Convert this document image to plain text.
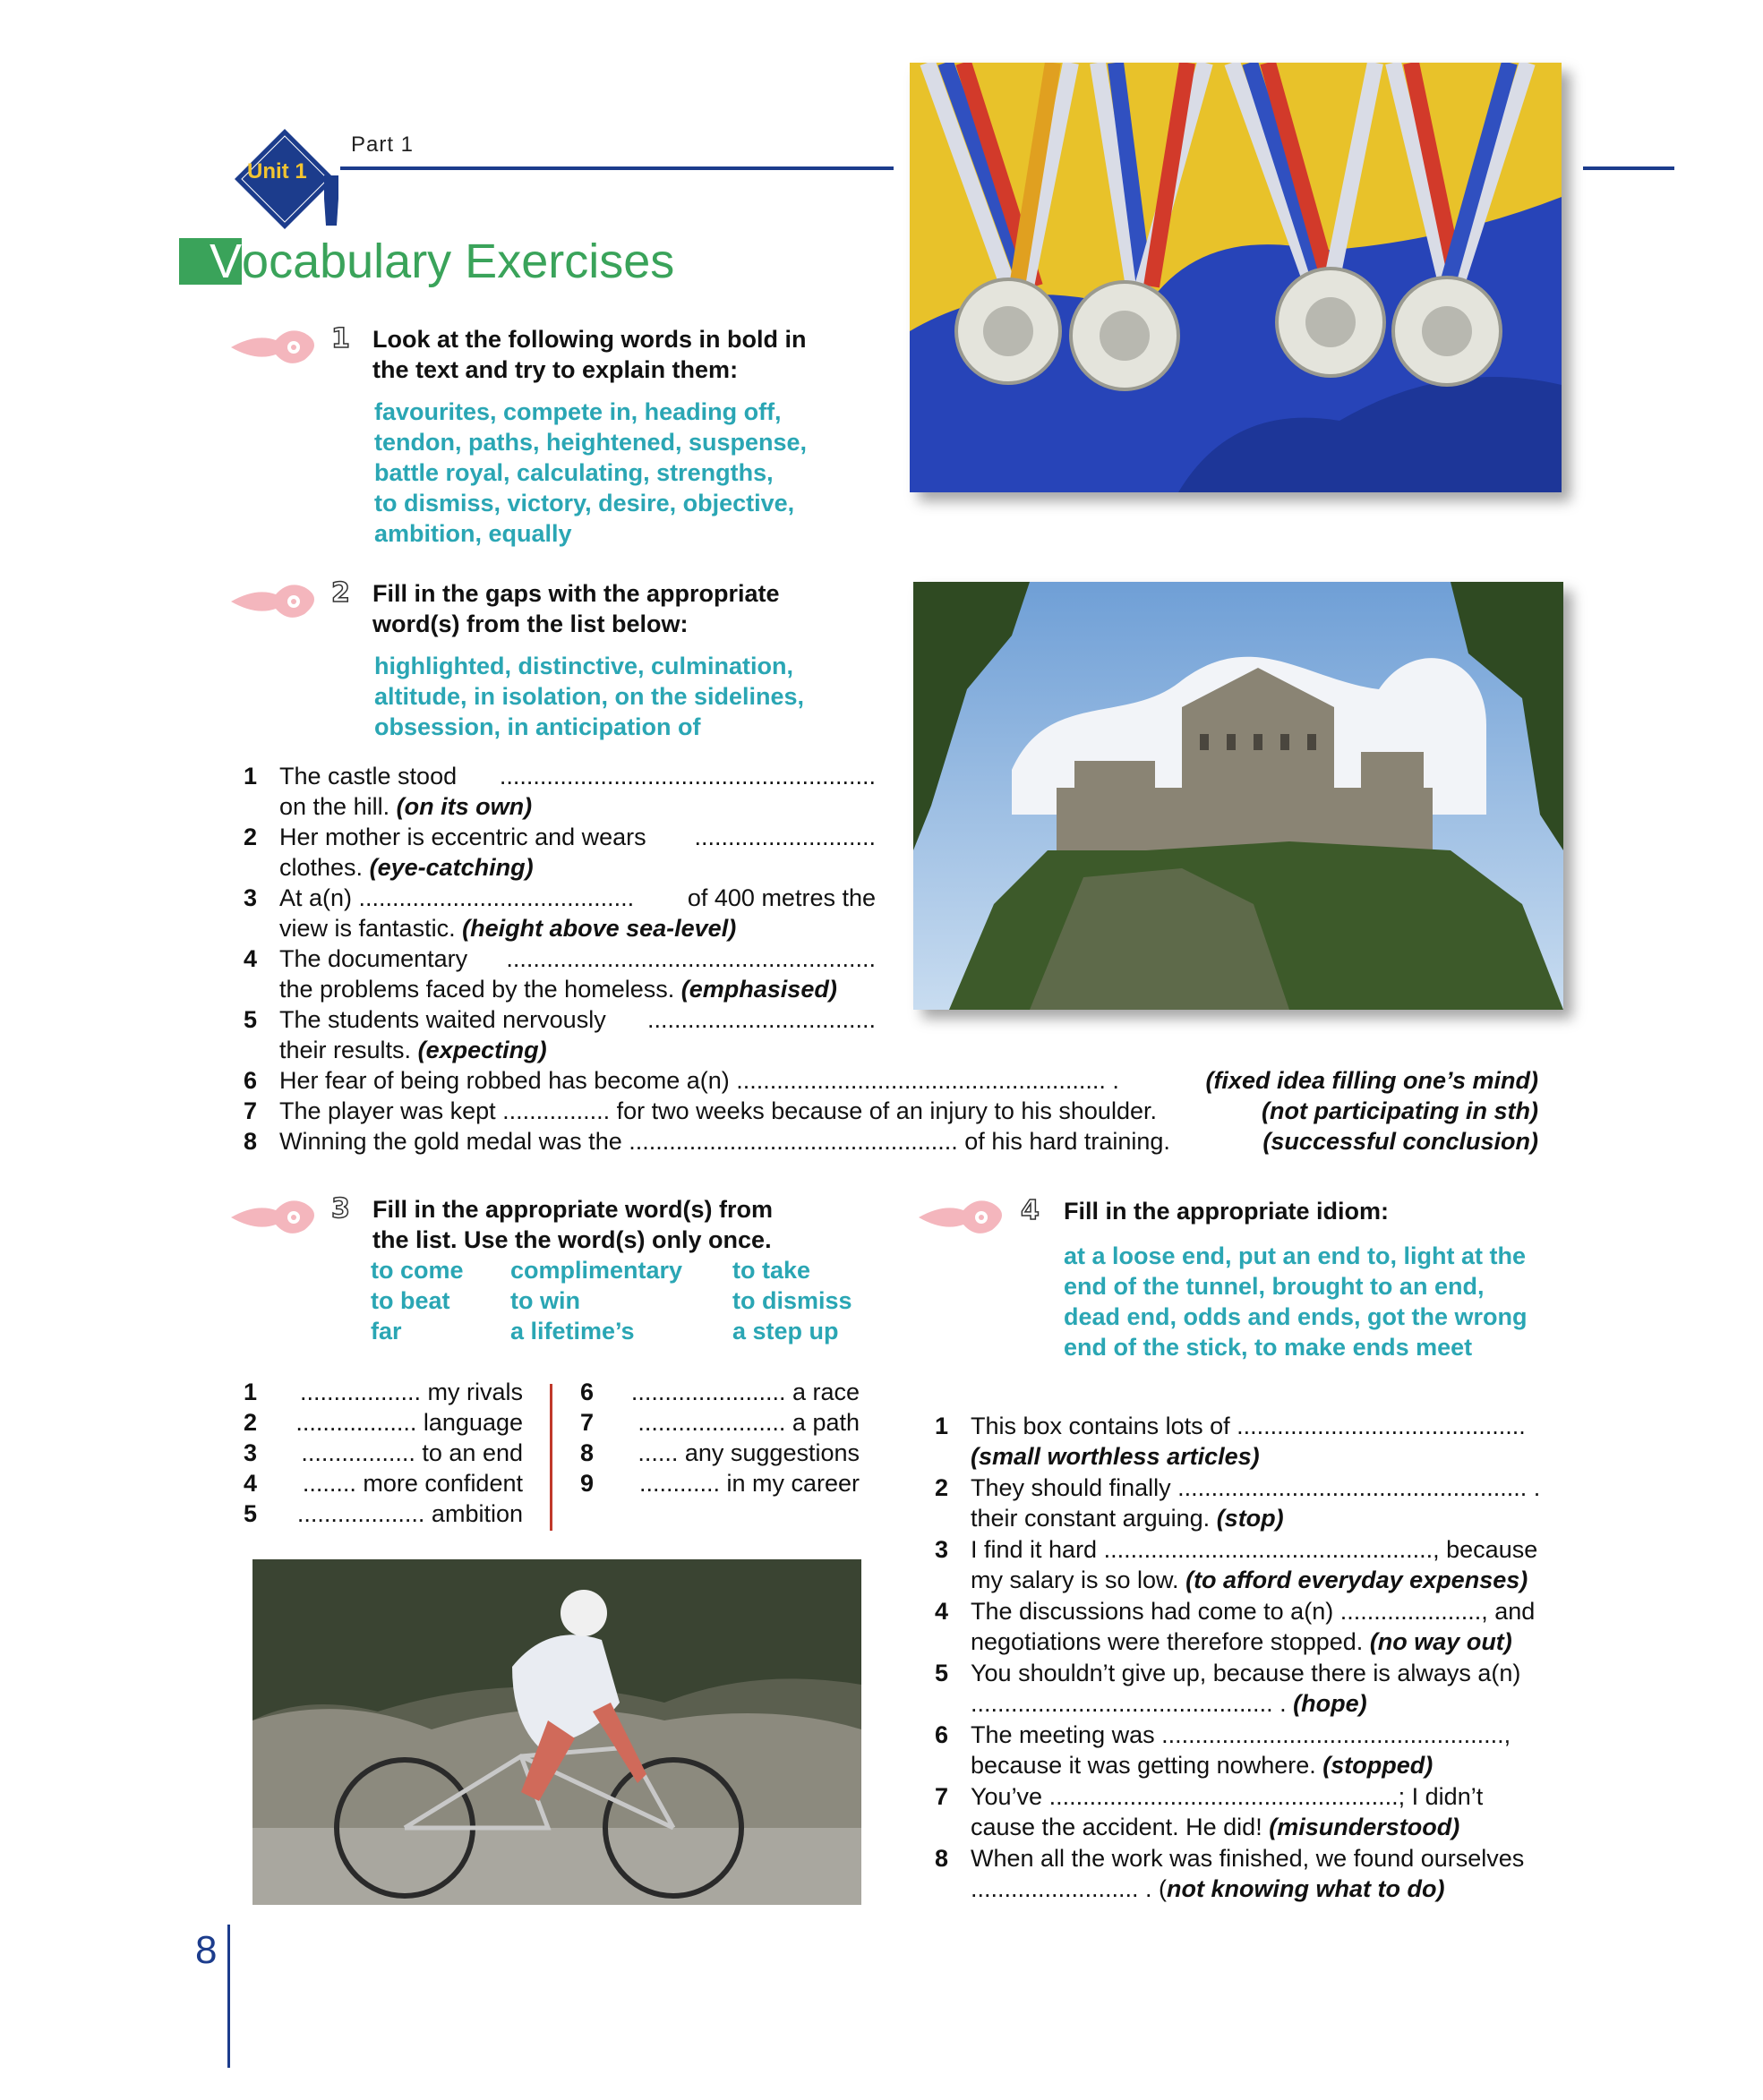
Unit 1
Part 1
Vocabulary Exercises
1 Look at the following words in bold in
the text and try to explain them:
favourites, compete in, heading off,
tendon, paths, heightened, suspense,
battle royal, calculating, strengths,
to dismiss, victory, desire, objective,
ambition, equally
2 Fill in the gaps with the appropriate
word(s) from the list below:
highlighted, distinctive, culmination,
altitude, in isolation, on the sidelines,
obsession, in anticipation of
1 The castle stood ........................................................
on the hill. (on its own)
2 Her mother is eccentric and wears ...........................
clothes. (eye-catching)
3 At a(n) ......................................... of 400 metres the
view is fantastic. (height above sea-level)
4 The documentary .......................................................
the problems faced by the homeless. (emphasised)
5 The students waited nervously ..................................
their results. (expecting)
6 Her fear of being robbed has become a(n) ....................................................... .	(fixed idea filling one’s mind)
7 The player was kept ................ for two weeks because of an injury to his shoulder.	(not participating in sth)
8 Winning the gold medal was the ................................................. of his hard training.	(successful conclusion)
3 Fill in the appropriate word(s) from
the list. Use the word(s) only once.
to come	complimentary	to take
to beat	to win	to dismiss
far	a lifetime’s	a step up
1 .................. my rivals
2 .................. language
3 ................. to an end
4 ........ more confident
5 ................... ambition
6 ....................... a race
7 ...................... a path
8 ...... any suggestions
9 ............ in my career
4 Fill in the appropriate idiom:
at a loose end, put an end to, light at the
end of the tunnel, brought to an end,
dead end, odds and ends, got the wrong
end of the stick, to make ends meet
1 This box contains lots of ...........................................
(small worthless articles)
2 They should finally .................................................... .
their constant arguing. (stop)
3 I find it hard ................................................., because
my salary is so low. (to afford everyday expenses)
4 The discussions had come to a(n) ....................., and
negotiations were therefore stopped. (no way out)
5 You shouldn’t give up, because there is always a(n)
............................................. . (hope)
6 The meeting was ...................................................,
because it was getting nowhere. (stopped)
7 You’ve ....................................................; I didn’t
cause the accident. He did! (misunderstood)
8 When all the work was finished, we found ourselves
......................... . (not knowing what to do)
8
